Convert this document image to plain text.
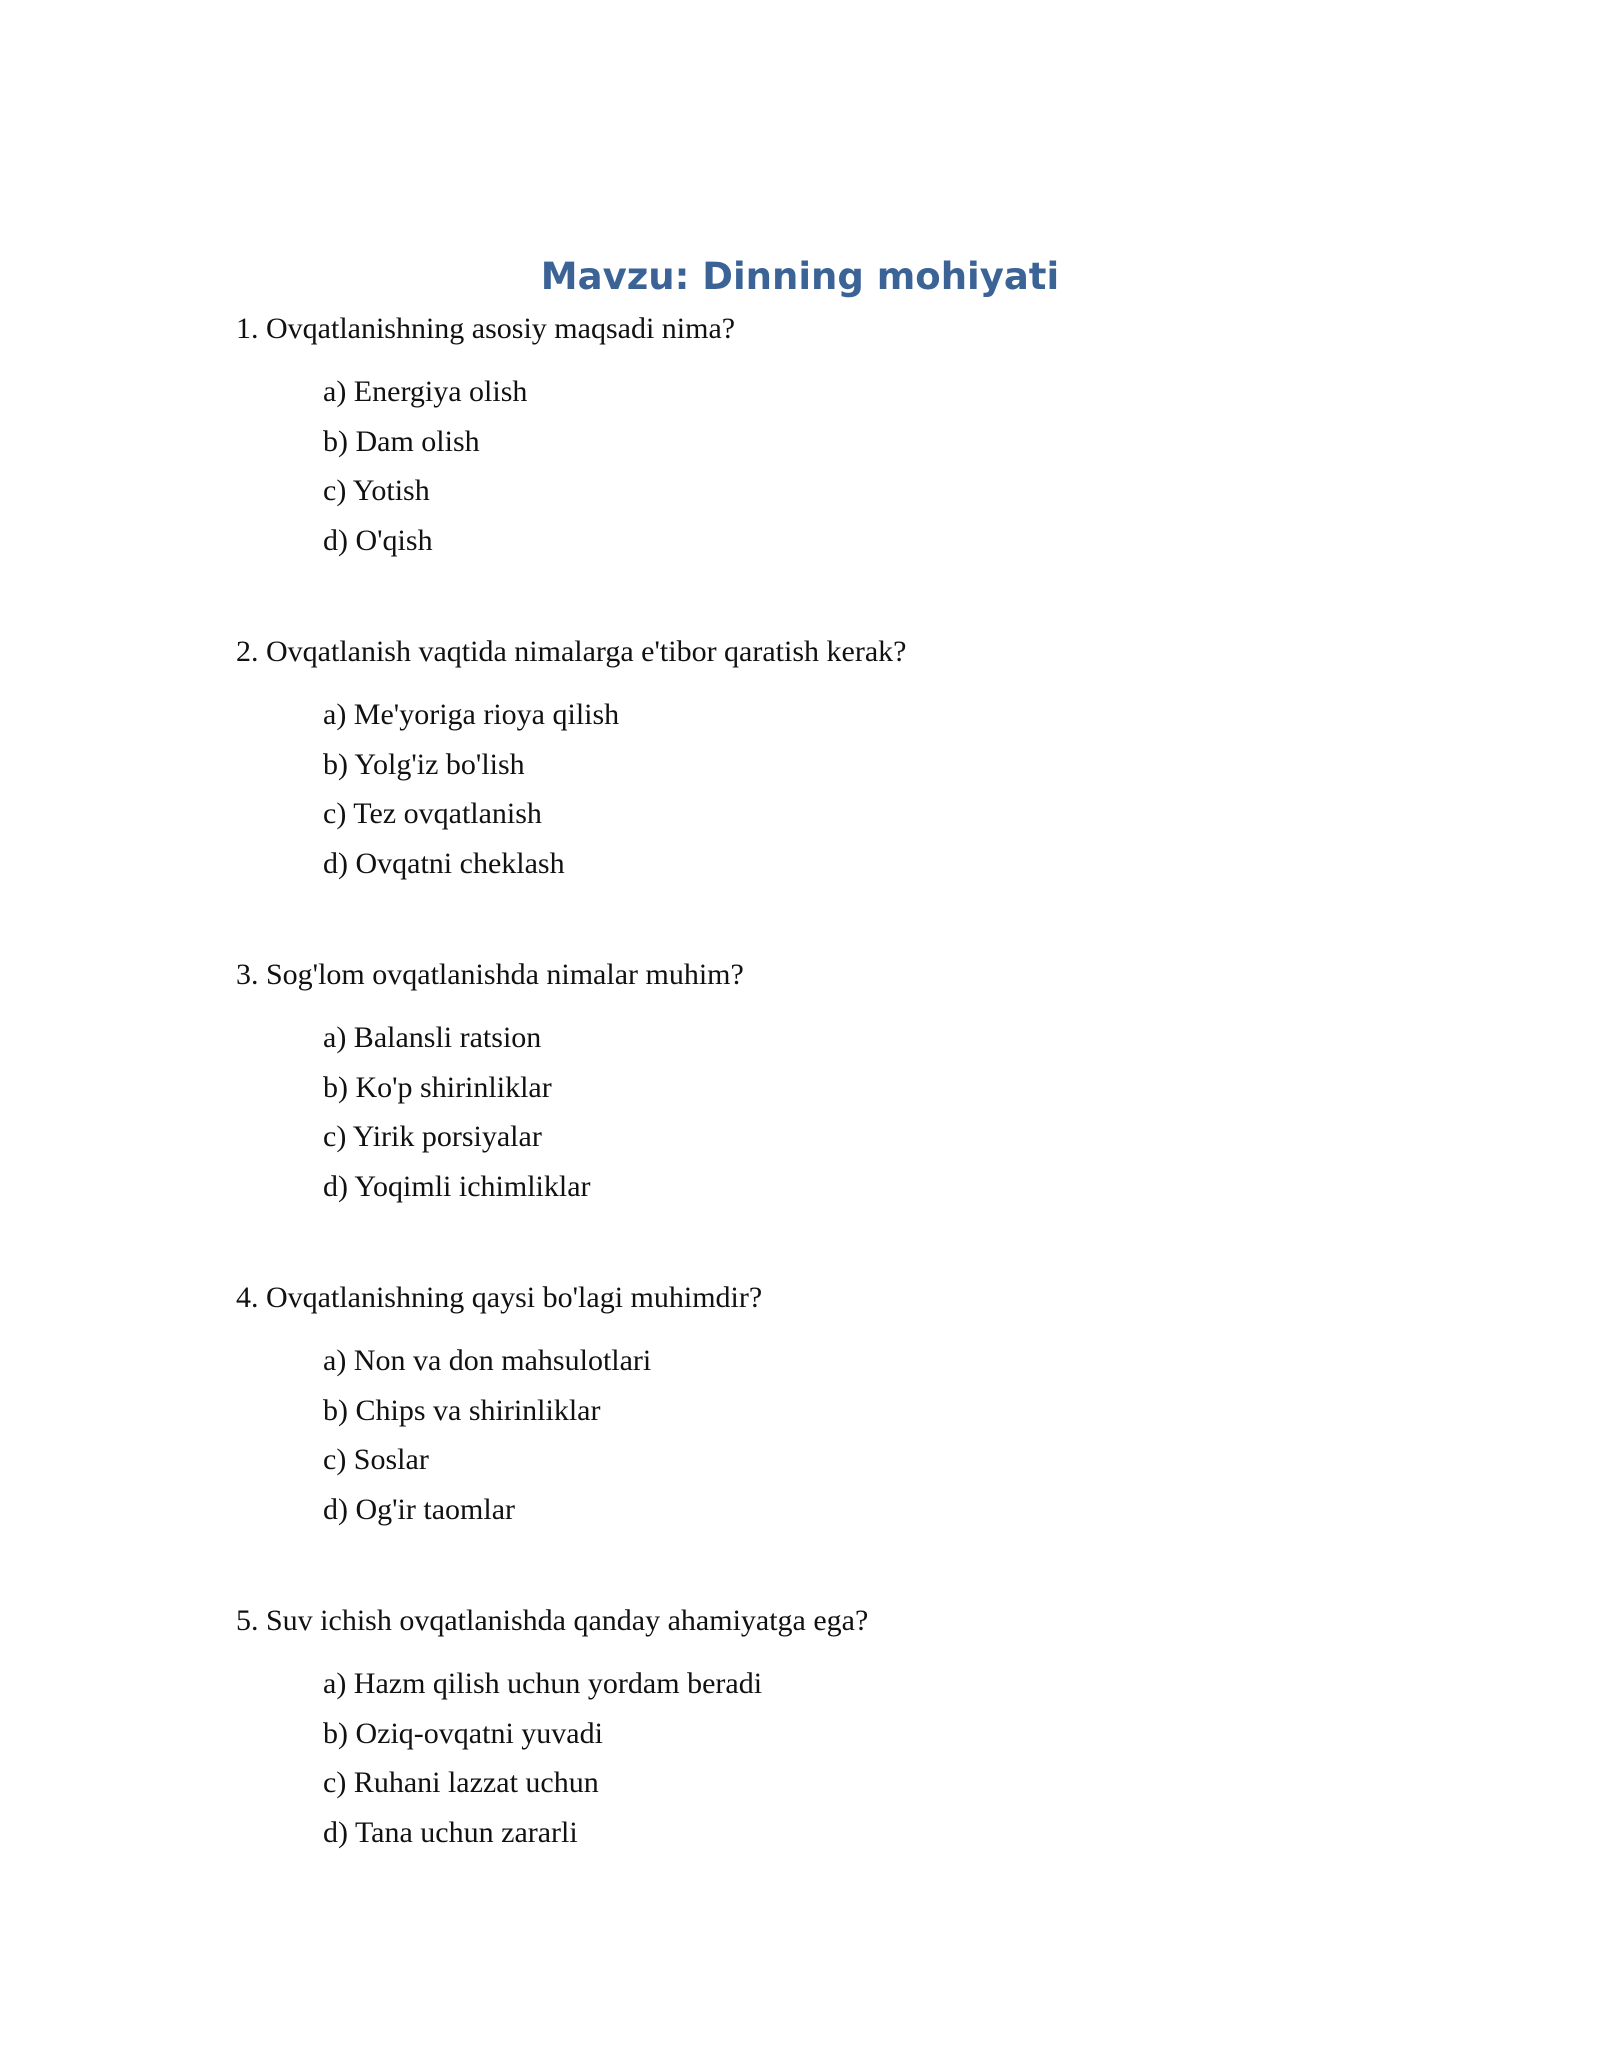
Mavzu: Dinning mohiyati

1. Ovqatlanishning asosiy maqsadi nima?

a) Energiya olish
b) Dam olish
c) Yotish
d) O'qish

2. Ovqatlanish vaqtida nimalarga e'tibor qaratish kerak?

a) Me'yoriga rioya qilish
b) Yolg'iz bo'lish
c) Tez ovqatlanish
d) Ovqatni cheklash

3. Sog'lom ovqatlanishda nimalar muhim?

a) Balansli ratsion
b) Ko'p shirinliklar
c) Yirik porsiyalar
d) Yoqimli ichimliklar

4. Ovqatlanishning qaysi bo'lagi muhimdir?

a) Non va don mahsulotlari
b) Chips va shirinliklar
c) Soslar
d) Og'ir taomlar

5. Suv ichish ovqatlanishda qanday ahamiyatga ega?

a) Hazm qilish uchun yordam beradi
b) Oziq-ovqatni yuvadi
c) Ruhani lazzat uchun
d) Tana uchun zararli
